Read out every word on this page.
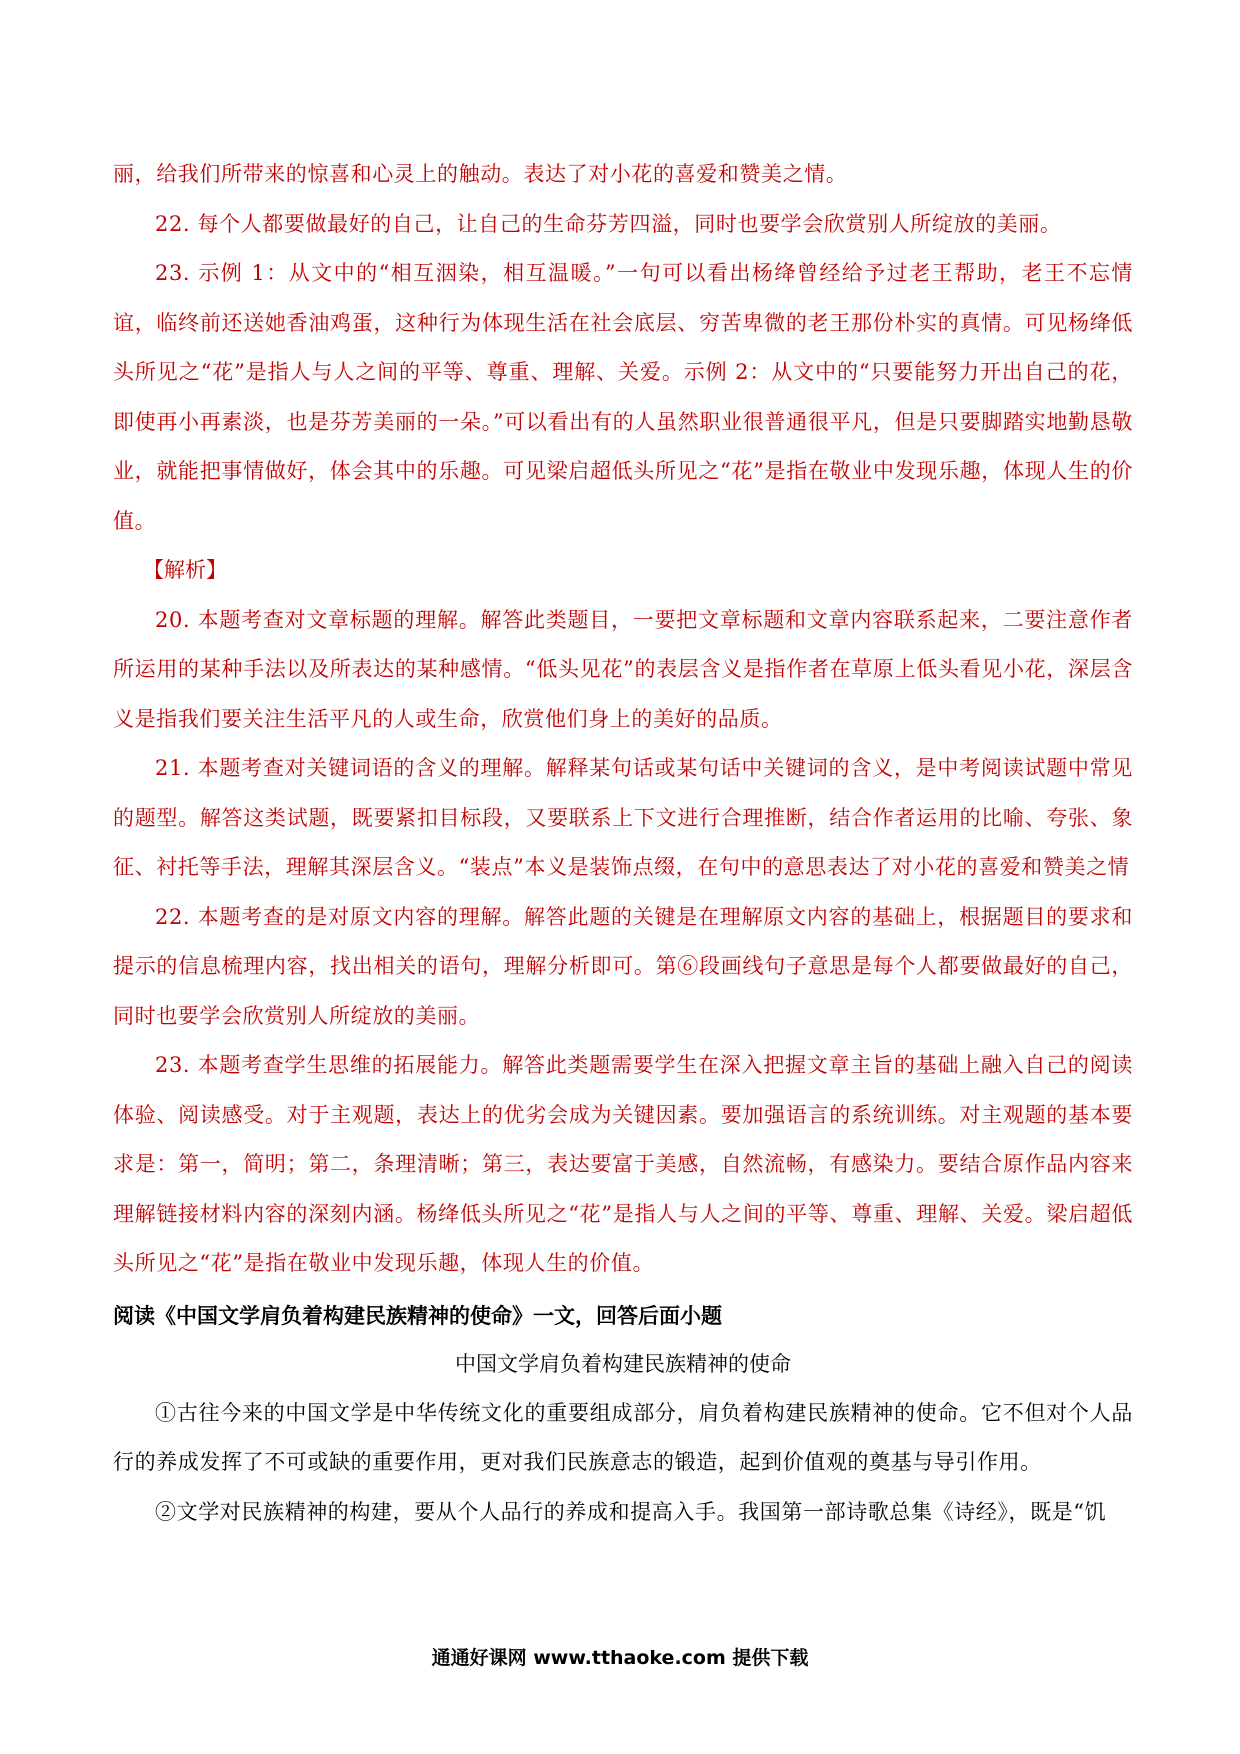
丽，给我们所带来的惊喜和心灵上的触动。表达了对小花的喜爱和赞美之情。

22. 每个人都要做最好的自己，让自己的生命芬芳四溢，同时也要学会欣赏别人所绽放的美丽。

23. 示例 1：从文中的“相互洇染，相互温暖。”一句可以看出杨绛曾经给予过老王帮助，老王不忘情谊，临终前还送她香油鸡蛋，这种行为体现生活在社会底层、穷苦卑微的老王那份朴实的真情。可见杨绛低头所见之“花”是指人与人之间的平等、尊重、理解、关爱。示例 2：从文中的“只要能努力开出自己的花，即使再小再素淡，也是芬芳美丽的一朵。”可以看出有的人虽然职业很普通很平凡，但是只要脚踏实地勤恳敬业，就能把事情做好，体会其中的乐趣。可见梁启超低头所见之“花”是指在敬业中发现乐趣，体现人生的价值。

【解析】

20. 本题考查对文章标题的理解。解答此类题目，一要把文章标题和文章内容联系起来，二要注意作者所运用的某种手法以及所表达的某种感情。“低头见花”的表层含义是指作者在草原上低头看见小花，深层含义是指我们要关注生活平凡的人或生命，欣赏他们身上的美好的品质。

21. 本题考查对关键词语的含义的理解。解释某句话或某句话中关键词的含义，是中考阅读试题中常见的题型。解答这类试题，既要紧扣目标段，又要联系上下文进行合理推断，结合作者运用的比喻、夸张、象征、衬托等手法，理解其深层含义。“装点”本义是装饰点缀，在句中的意思表达了对小花的喜爱和赞美之情

22. 本题考查的是对原文内容的理解。解答此题的关键是在理解原文内容的基础上，根据题目的要求和提示的信息梳理内容，找出相关的语句，理解分析即可。第⑥段画线句子意思是每个人都要做最好的自己，同时也要学会欣赏别人所绽放的美丽。

23. 本题考查学生思维的拓展能力。解答此类题需要学生在深入把握文章主旨的基础上融入自己的阅读体验、阅读感受。对于主观题，表达上的优劣会成为关键因素。要加强语言的系统训练。对主观题的基本要求是：第一，简明；第二，条理清晰；第三，表达要富于美感，自然流畅，有感染力。要结合原作品内容来理解链接材料内容的深刻内涵。杨绛低头所见之“花”是指人与人之间的平等、尊重、理解、关爱。梁启超低头所见之“花”是指在敬业中发现乐趣，体现人生的价值。

阅读《中国文学肩负着构建民族精神的使命》一文，回答后面小题
中国文学肩负着构建民族精神的使命

①古往今来的中国文学是中华传统文化的重要组成部分，肩负着构建民族精神的使命。它不但对个人品行的养成发挥了不可或缺的重要作用，更对我们民族意志的锻造，起到价值观的奠基与导引作用。

②文学对民族精神的构建，要从个人品行的养成和提高入手。我国第一部诗歌总集《诗经》，既是“饥

通通好课网 www.tthaoke.com 提供下载
